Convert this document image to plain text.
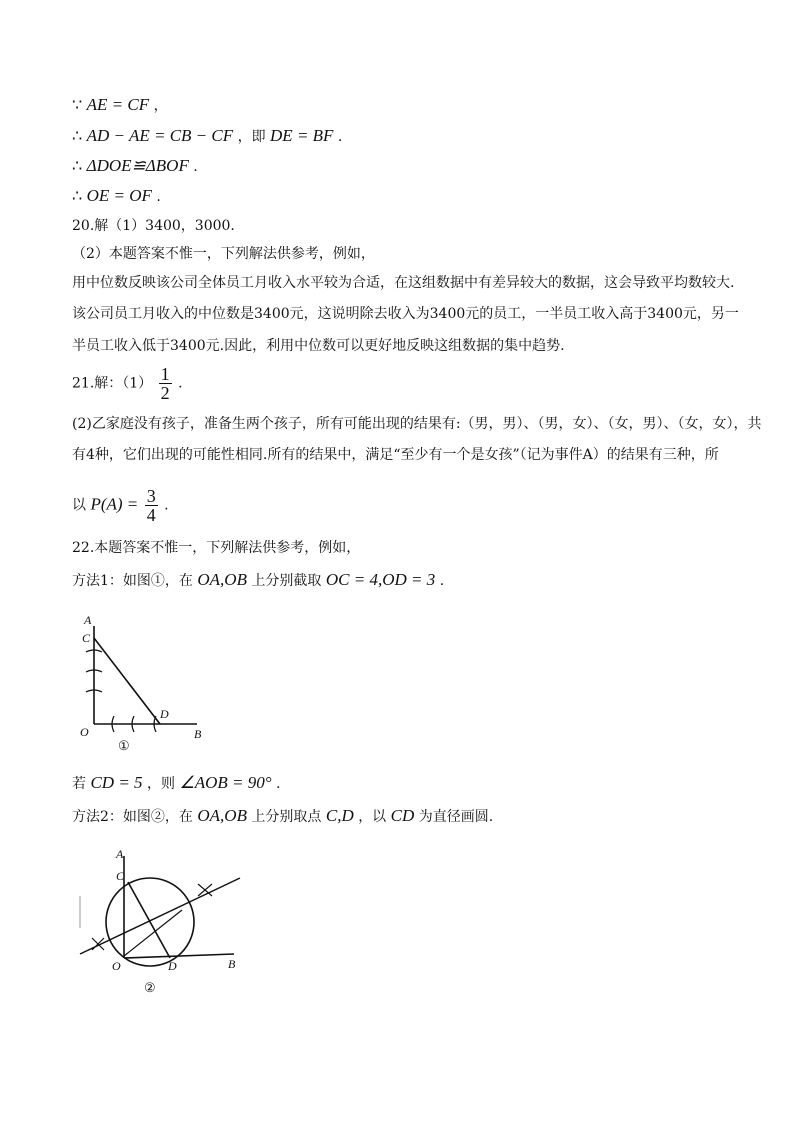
∵ AE = CF ，
∴ AD − AE = CB − CF ，即 DE = BF .
∴ ΔDOE≌ΔBOF .
∴ OE = OF .
20.解（1）3400，3000.
（2）本题答案不惟一，下列解法供参考，例如，
用中位数反映该公司全体员工月收入水平较为合适，在这组数据中有差异较大的数据，这会导致平均数较大.
该公司员工月收入的中位数是3400元，这说明除去收入为3400元的员工，一半员工收入高于3400元，另一
半员工收入低于3400元.因此，利用中位数可以更好地反映这组数据的集中趋势.
21.解：$(1) \frac{1}{2}$ .
(2)乙家庭没有孩子，准备生两个孩子，所有可能出现的结果有:（男，男）、（男，女）、（女，男）、（女，女），共
有4种，它们出现的可能性相同.所有的结果中，满足“至少有一个是女孩”（记为事件A）的结果有三种，所
以 $P(A) = \frac{3}{4}$ .
22.本题答案不惟一，下列解法供参考，例如，
方法1：如图①，在 OA,OB 上分别截取 OC = 4,OD = 3 .
A
C
O
D
B
①
若 CD = 5 ，则 ∠AOB = 90° .
方法2：如图②，在 OA,OB 上分别取点 C,D ，以 CD 为直径画圆.
A
C
O	D	B
②
